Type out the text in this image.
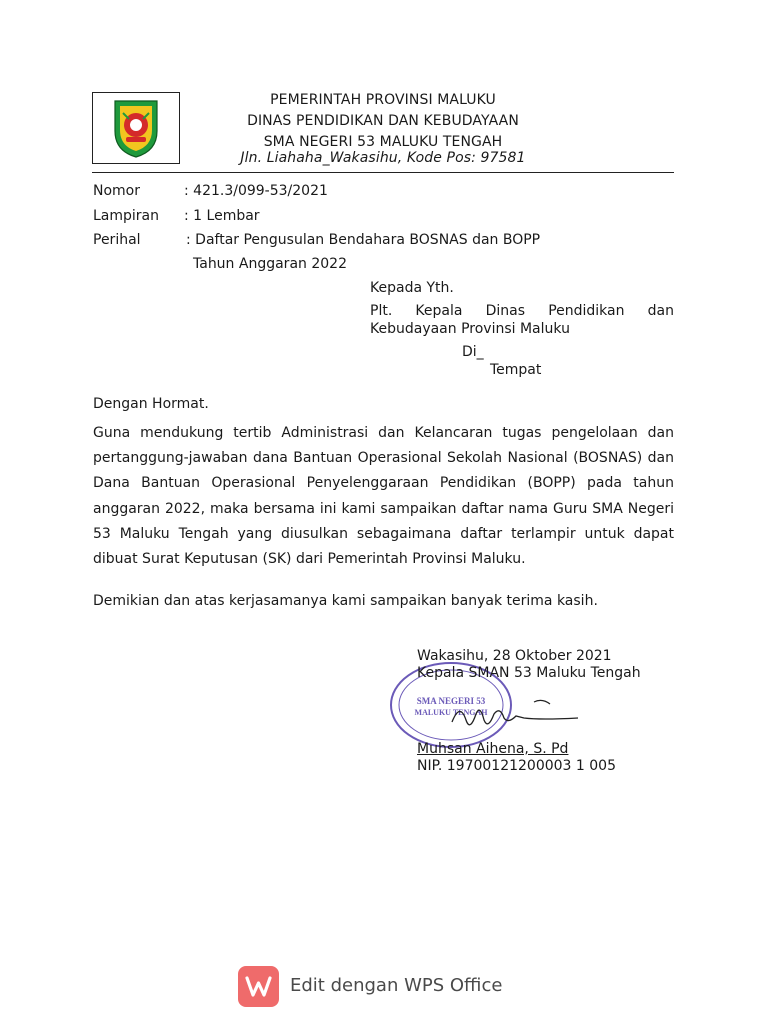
PEMERINTAH PROVINSI MALUKU
DINAS PENDIDIKAN DAN KEBUDAYAAN
SMA NEGERI 53 MALUKU TENGAH
Jln. Liahaha_Wakasihu, Kode Pos: 97581
Nomor	: 421.3/099-53/2021
Lampiran : 1 Lembar
Perihal	: Daftar Pengusulan Bendahara BOSNAS dan BOPP
Tahun Anggaran 2022
Kepada Yth.
Plt. Kepala Dinas Pendidikan dan
Kebudayaan Provinsi Maluku
Di_
Tempat
Dengan Hormat.
Guna mendukung tertib Administrasi dan Kelancaran tugas pengelolaan dan pertanggung-jawaban dana Bantuan Operasional Sekolah Nasional (BOSNAS) dan Dana Bantuan Operasional Penyelenggaraan Pendidikan (BOPP) pada tahun anggaran 2022, maka bersama ini kami sampaikan daftar nama Guru SMA Negeri 53 Maluku Tengah yang diusulkan sebagaimana daftar terlampir untuk dapat dibuat Surat Keputusan (SK) dari Pemerintah Provinsi Maluku.
Demikian dan atas kerjasamanya kami sampaikan banyak terima kasih.
SMA NEGERI 53
MALUKU TENGAH
Wakasihu, 28 Oktober 2021
Kepala SMAN 53 Maluku Tengah
Muhsan Aihena, S. Pd
NIP. 19700121200003 1 005
Edit dengan WPS Office
